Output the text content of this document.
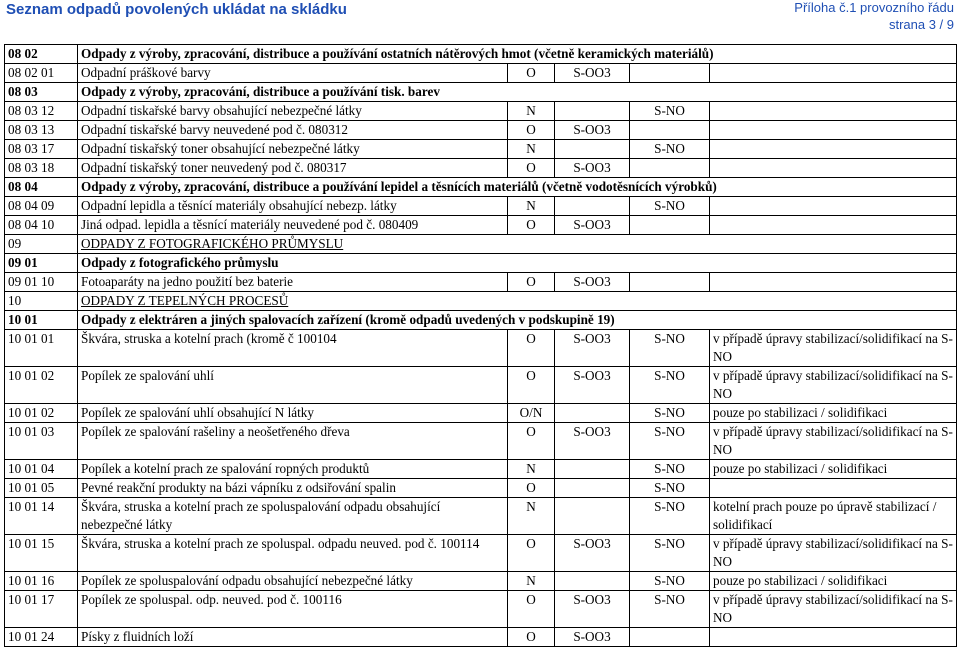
Seznam odpadů povolených ukládat na skládku	Příloha č.1 provozního řádu
strana 3 / 9
08 02	Odpady z výroby, zpracování, distribuce a používání ostatních nátěrových hmot (včetně keramických materiálů)				
08 02 01	Odpadní práškové barvy	O	S-OO3		
08 03	Odpady z výroby, zpracování, distribuce a používání tisk. barev				
08 03 12	Odpadní tiskařské barvy obsahující nebezpečné látky	N		S-NO	
08 03 13	Odpadní tiskařské barvy neuvedené pod č. 080312	O	S-OO3		
08 03 17	Odpadní tiskařský toner obsahující nebezpečné látky	N		S-NO	
08 03 18	Odpadní tiskařský toner neuvedený pod č. 080317	O	S-OO3		
08 04	Odpady z výroby, zpracování, distribuce a používání lepidel a těsnících materiálů (včetně vodotěsnících výrobků)				
08 04 09	Odpadní lepidla a těsnící materiály obsahující nebezp. látky	N		S-NO	
08 04 10	Jiná odpad. lepidla a těsnící materiály neuvedené pod č. 080409	O	S-OO3		
09	ODPADY Z FOTOGRAFICKÉHO PRŮMYSLU				
09 01	Odpady z fotografického průmyslu				
09 01 10	Fotoaparáty na jedno použití bez baterie	O	S-OO3		
10	ODPADY Z TEPELNÝCH PROCESŮ				
10 01	Odpady z elektráren a jiných spalovacích zařízení (kromě odpadů uvedených v podskupině 19)				
10 01 01	Škvára, struska a kotelní prach (kromě č 100104	O	S-OO3	S-NO	v případě úpravy stabilizací/solidifikací na S-NO
10 01 02	Popílek ze spalování uhlí	O	S-OO3	S-NO	v případě úpravy stabilizací/solidifikací na S-NO
10 01 02	Popílek ze spalování uhlí obsahující N látky	O/N		S-NO	pouze po stabilizaci / solidifikaci
10 01 03	Popílek ze spalování rašeliny a neošetřeného dřeva	O	S-OO3	S-NO	v případě úpravy stabilizací/solidifikací na S-NO
10 01 04	Popílek a kotelní prach ze spalování ropných produktů	N		S-NO	pouze po stabilizaci / solidifikaci
10 01 05	Pevné reakční produkty na bázi vápníku z odsiřování spalin	O		S-NO	
10 01 14	Škvára, struska a kotelní prach ze spoluspalování odpadu obsahující nebezpečné látky	N		S-NO	kotelní prach pouze po úpravě stabilizací / solidifikací
10 01 15	Škvára, struska a kotelní prach ze spoluspal. odpadu neuved. pod č. 100114	O	S-OO3	S-NO	v případě úpravy stabilizací/solidifikací na S-NO
10 01 16	Popílek ze spoluspalování odpadu obsahující nebezpečné látky	N		S-NO	pouze po stabilizaci / solidifikaci
10 01 17	Popílek ze spoluspal. odp. neuved. pod č. 100116	O	S-OO3	S-NO	v případě úpravy stabilizací/solidifikací na S-NO
10 01 24	Písky z fluidních loží	O	S-OO3		
